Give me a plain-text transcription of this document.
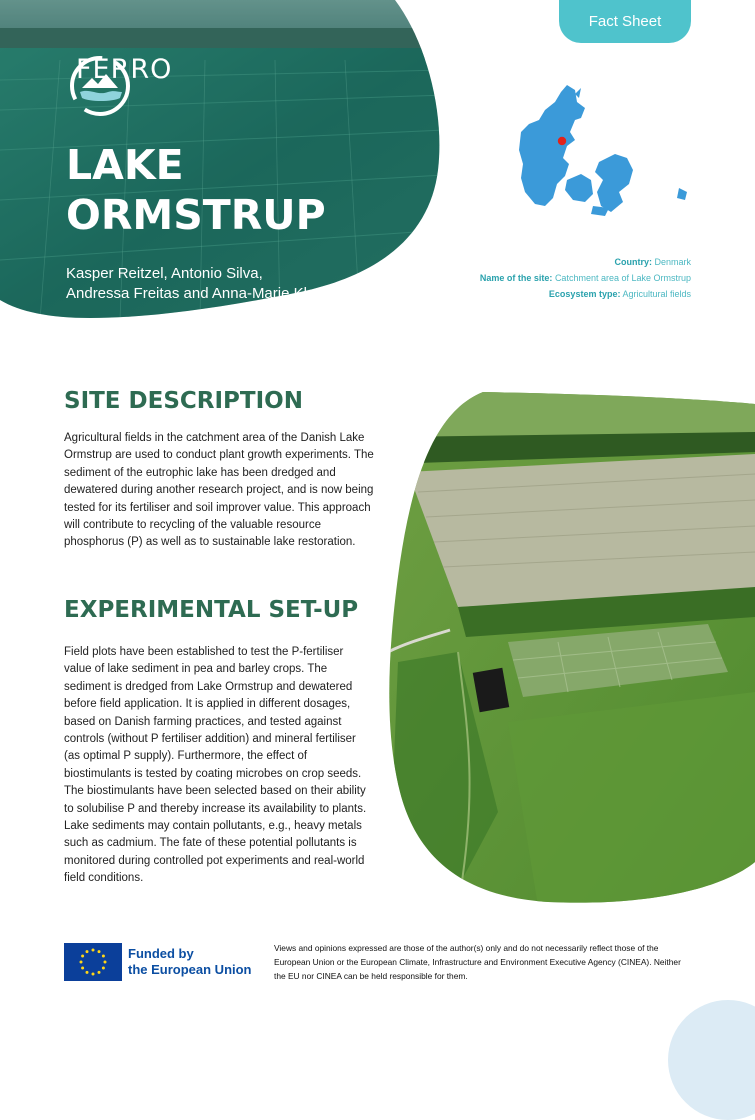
FERRO
LAKE
ORMSTRUP
Kasper Reitzel, Antonio Silva,
Andressa Freitas and Anna-Marie Klamt
Fact Sheet
Country: Denmark
Name of the site: Catchment area of Lake Ormstrup
Ecosystem type: Agricultural fields
SITE DESCRIPTION
Agricultural fields in the catchment area of the Danish Lake Ormstrup are used to conduct plant growth experiments. The sediment of the eutrophic lake has been dredged and dewatered during another research project, and is now being tested for its fertiliser and soil improver value. This approach will contribute to recycling of the valuable resource phosphorus (P) as well as to sustainable lake restoration.
EXPERIMENTAL SET-UP
Field plots have been established to test the P-fertiliser value of lake sediment in pea and barley crops. The sediment is dredged from Lake Ormstrup and dewatered before field application. It is applied in different dosages, based on Danish farming practices, and tested against controls (without P fertiliser addition) and mineral fertiliser (as optimal P supply). Furthermore, the effect of biostimulants is tested by coating microbes on crop seeds. The biostimulants have been selected based on their ability to solubilise P and thereby increase its availability to plants. Lake sediments may contain pollutants, e.g., heavy metals such as cadmium. The fate of these potential pollutants is monitored during controlled pot experiments and real-world field conditions.
Funded by
the European Union
Views and opinions expressed are those of the author(s) only and do not necessarily reflect those of the European Union or the European Climate, Infrastructure and Environment Executive Agency (CINEA). Neither the EU nor CINEA can be held responsible for them.
